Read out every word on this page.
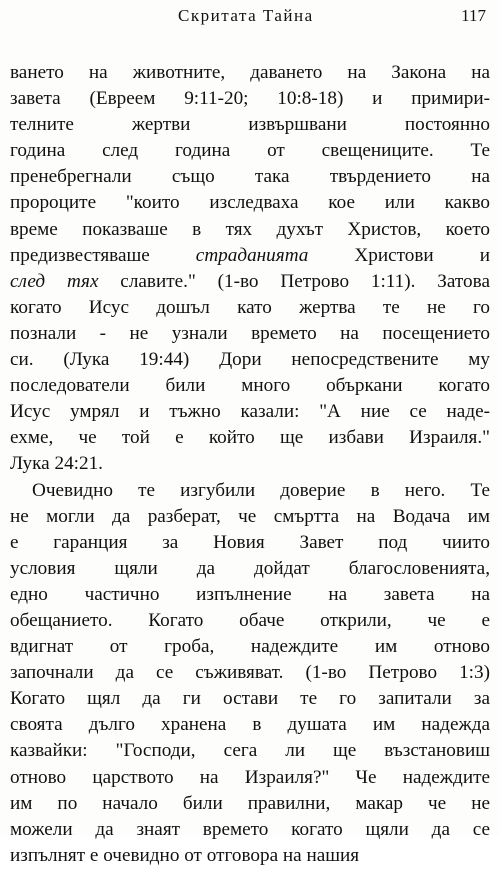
Скритата Тайна	117
ването на животните, даването на Закона на
завета (Евреем 9:11-20; 10:8-18) и примири-
телните жертви извършвани постоянно
година след година от свещениците. Те
пренебрегнали също така твърдението на
пророците "които изследваха кое или какво
време показваше в тях духът Христов, което
предизвестяваше страданията Христови и
след тях славите." (1-во Петрово 1:11). Затова
когато Исус дошъл като жертва те не го
познали - не узнали времето на посещението
си. (Лука 19:44) Дори непосредствените му
последователи били много объркани когато
Исус умрял и тъжно казали: "А ние се наде-
ехме, че той е който ще избави Израиля."
Лука 24:21.
Очевидно те изгубили доверие в него. Те
не могли да разберат, че смъртта на Водача им
е гаранция за Новия Завет под чиито
условия щяли да дойдат благословенията,
едно частично изпълнение на завета на
обещанието. Когато обаче открили, че е
вдигнат от гроба, надеждите им отново
започнали да се съживяват. (1-во Петрово 1:3)
Когато щял да ги остави те го запитали за
своята дълго хранена в душата им надежда
казвайки: "Господи, сега ли ще възстановиш
отново царството на Израиля?" Че надеждите
им по начало били правилни, макар че не
можели да знаят времето когато щяли да се
изпълнят е очевидно от отговора на нашия
